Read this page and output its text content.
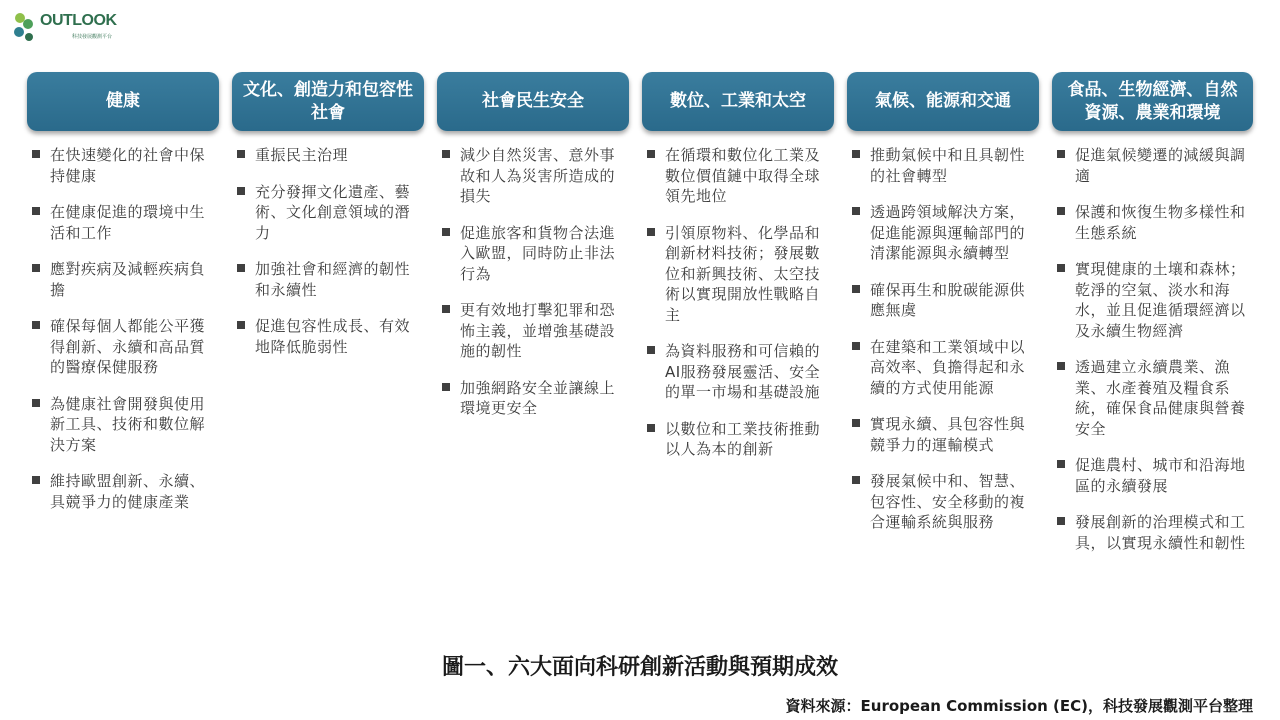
OUTLOOK
科技發展觀測平台
健康
在快速變化的社會中保持健康
在健康促進的環境中生活和工作
應對疾病及減輕疾病負擔
確保每個人都能公平獲得創新、永續和高品質的醫療保健服務
為健康社會開發與使用新工具、技術和數位解決方案
維持歐盟創新、永續、具競爭力的健康產業
文化、創造力和包容性社會
重振民主治理
充分發揮文化遺產、藝術、文化創意領域的潛力
加強社會和經濟的韌性和永續性
促進包容性成長、有效地降低脆弱性
社會民生安全
減少自然災害、意外事故和人為災害所造成的損失
促進旅客和貨物合法進入歐盟，同時防止非法行為
更有效地打擊犯罪和恐怖主義，並增強基礎設施的韌性
加強網路安全並讓線上環境更安全
數位、工業和太空
在循環和數位化工業及數位價值鏈中取得全球領先地位
引領原物料、化學品和創新材料技術；發展數位和新興技術、太空技術以實現開放性戰略自主
為資料服務和可信賴的AI服務發展靈活、安全的單一市場和基礎設施
以數位和工業技術推動以人為本的創新
氣候、能源和交通
推動氣候中和且具韌性的社會轉型
透過跨領域解決方案，促進能源與運輸部門的清潔能源與永續轉型
確保再生和脫碳能源供應無虞
在建築和工業領域中以高效率、負擔得起和永續的方式使用能源
實現永續、具包容性與競爭力的運輸模式
發展氣候中和、智慧、包容性、安全移動的複合運輸系統與服務
食品、生物經濟、自然資源、農業和環境
促進氣候變遷的減緩與調適
保護和恢復生物多樣性和生態系統
實現健康的土壤和森林；乾淨的空氣、淡水和海水，並且促進循環經濟以及永續生物經濟
透過建立永續農業、漁業、水產養殖及糧食系統，確保食品健康與營養安全
促進農村、城市和沿海地區的永續發展
發展創新的治理模式和工具，以實現永續性和韌性
圖一、六大面向科研創新活動與預期成效
資料來源：European Commission (EC)，科技發展觀測平台整理
